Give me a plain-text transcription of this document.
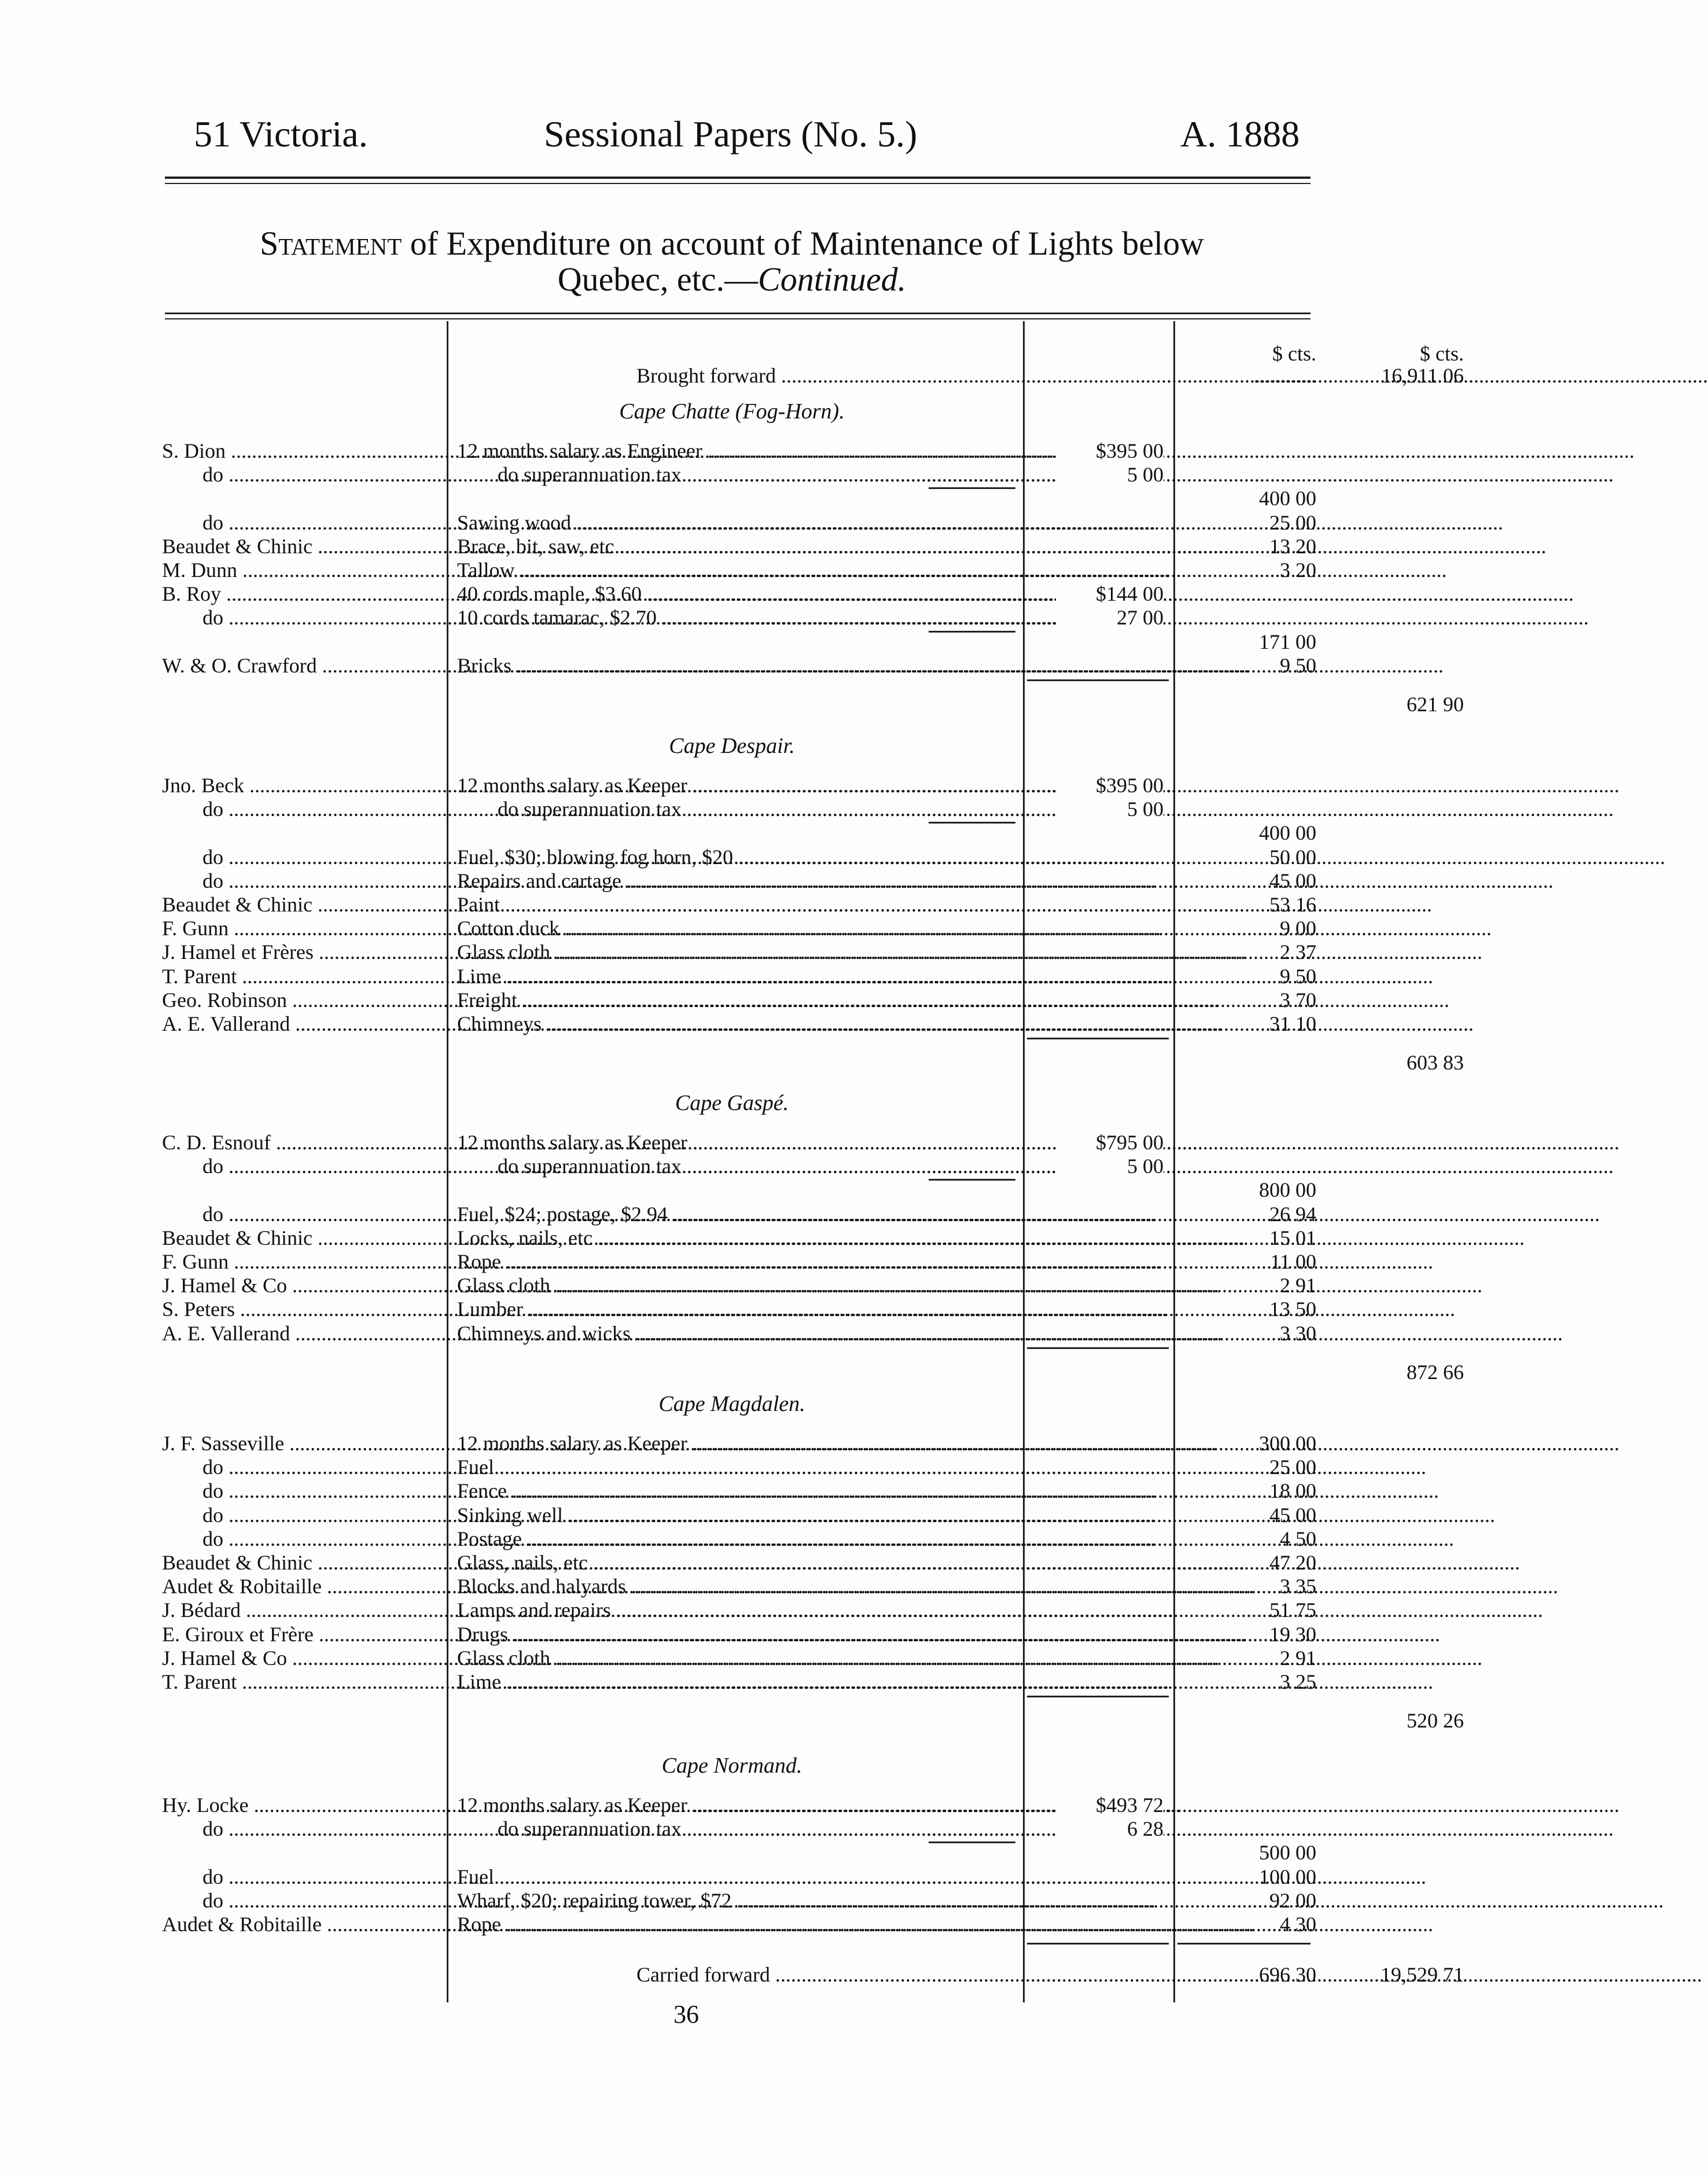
51 Victoria.	Sessional Papers (No. 5.)	A. 1888
Statement of Expenditure on account of Maintenance of Lights below
Quebec, etc.—Continued.
$ cts.	$ cts.
Brought forward .....	............	16,911 06
Cape Chatte (Fog-Horn).
S. Dion .....	12 months salary as Engineer .....	$395 00
do .....	do superannuation tax .....	5 00
400 00
do .....	Sawing wood .....	25 00
Beaudet & Chinic .....	Brace, bit, saw, etc .....	13 20
M. Dunn .....	Tallow .....	3 20
B. Roy .....	40 cords maple, $3.60 .....	$144 00
do .....	10 cords tamarac, $2.70 .....	27 00
171 00
W. & O. Crawford .....	Bricks .....	9 50
621 90
Cape Despair.
Jno. Beck .....	12 months salary as Keeper .....	$395 00
do .....	do superannuation tax .....	5 00
400 00
do .....	Fuel, $30; blowing fog horn, $20 .....	50 00
do .....	Repairs and cartage .....	45 00
Beaudet & Chinic .....	Paint .....	53 16
F. Gunn .....	Cotton duck .....	9 00
J. Hamel et Frères .....	Glass cloth .....	2 37
T. Parent .....	Lime .....	9 50
Geo. Robinson .....	Freight .....	3 70
A. E. Vallerand .....	Chimneys .....	31 10
603 83
Cape Gaspé.
C. D. Esnouf .....	12 months salary as Keeper .....	$795 00
do .....	do superannuation tax .....	5 00
800 00
do .....	Fuel, $24; postage, $2.94 .....	26 94
Beaudet & Chinic .....	Locks, nails, etc .....	15 01
F. Gunn .....	Rope .....	11 00
J. Hamel & Co .....	Glass cloth .....	2 91
S. Peters .....	Lumber .....	13 50
A. E. Vallerand .....	Chimneys and wicks .....	3 30
872 66
Cape Magdalen.
J. F. Sasseville .....	12 months salary as Keeper .....	300 00
do .....	Fuel .....	25 00
do .....	Fence .....	18 00
do .....	Sinking well .....	45 00
do .....	Postage .....	4 50
Beaudet & Chinic .....	Glass, nails, etc .....	47 20
Audet & Robitaille .....	Blocks and halyards .....	3 35
J. Bédard .....	Lamps and repairs .....	51 75
E. Giroux et Frère .....	Drugs .....	19 30
J. Hamel & Co .....	Glass cloth .....	2 91
T. Parent .....	Lime .....	3 25
520 26
Cape Normand.
Hy. Locke .....	12 months salary as Keeper .....	$493 72
do .....	do superannuation tax .....	6 28
500 00
do .....	Fuel .....	100 00
do .....	Wharf, $20; repairing tower, $72 .....	92 00
Audet & Robitaille .....	Rope .....	4 30
Carried forward .....	696 30	19,529 71
36
